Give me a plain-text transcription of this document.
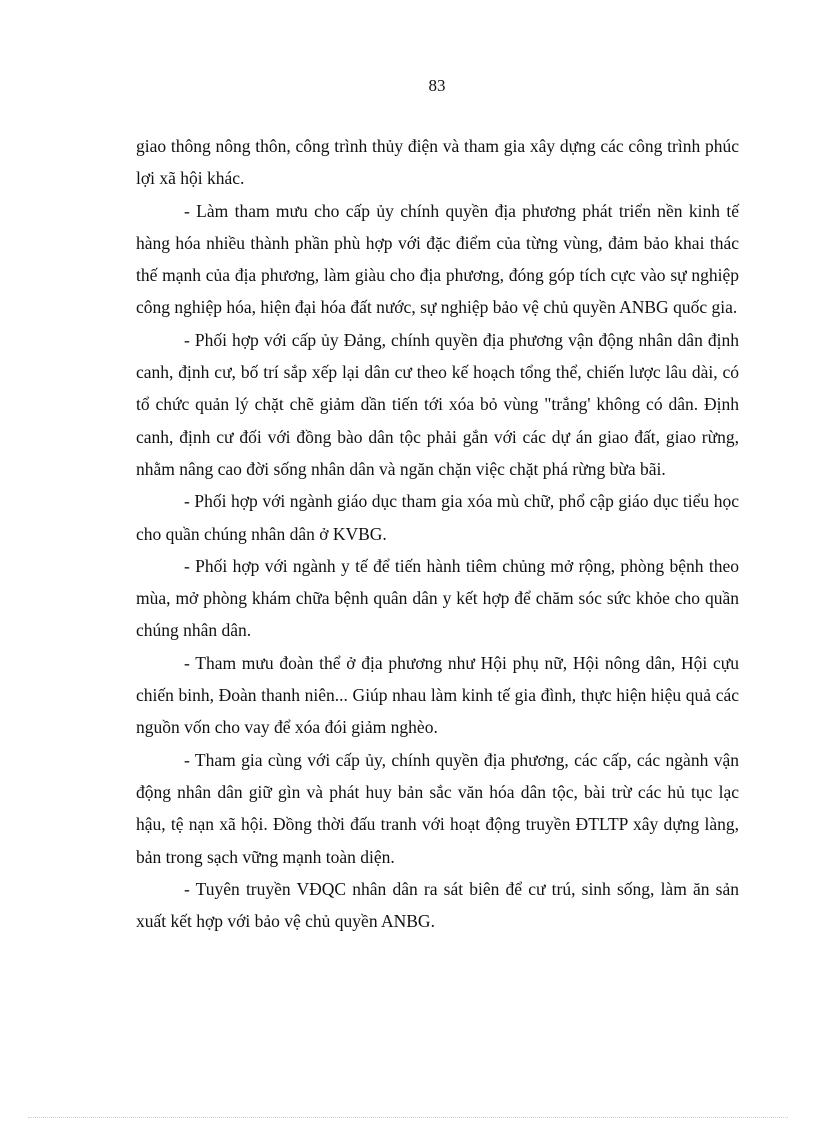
83

giao thông nông thôn, công trình thủy điện và tham gia xây dựng các công trình phúc lợi xã hội khác.

- Làm tham mưu cho cấp ủy chính quyền địa phương phát triển nền kinh tế hàng hóa nhiều thành phần phù hợp với đặc điểm của từng vùng, đảm bảo khai thác thế mạnh của địa phương, làm giàu cho địa phương, đóng góp tích cực vào sự nghiệp công nghiệp hóa, hiện đại hóa đất nước, sự nghiệp bảo vệ chủ quyền ANBG quốc gia.

- Phối hợp với cấp ủy Đảng, chính quyền địa phương vận động nhân dân định canh, định cư, bố trí sắp xếp lại dân cư theo kế hoạch tổng thể, chiến lược lâu dài, có tổ chức quản lý chặt chẽ giảm dần tiến tới xóa bỏ vùng "trắng' không có dân. Định canh, định cư đối với đồng bào dân tộc phải gắn với các dự án giao đất, giao rừng, nhằm nâng cao đời sống nhân dân và ngăn chặn việc chặt phá rừng bừa bãi.

- Phối hợp với ngành giáo dục tham gia xóa mù chữ, phổ cập giáo dục tiểu học cho quần chúng nhân dân ở KVBG.

- Phối hợp với ngành y tế để tiến hành tiêm chủng mở rộng, phòng bệnh theo mùa, mở phòng khám chữa bệnh quân dân y kết hợp để chăm sóc sức khỏe cho quần chúng nhân dân.

- Tham mưu đoàn thể ở địa phương như Hội phụ nữ, Hội nông dân, Hội cựu chiến binh, Đoàn thanh niên... Giúp nhau làm kinh tế gia đình, thực hiện hiệu quả các nguồn vốn cho vay để xóa đói giảm nghèo.

- Tham gia cùng với cấp ủy, chính quyền địa phương, các cấp, các ngành vận động nhân dân giữ gìn và phát huy bản sắc văn hóa dân tộc, bài trừ các hủ tục lạc hậu, tệ nạn xã hội. Đồng thời đấu tranh với hoạt động truyền ĐTLTP xây dựng làng, bản trong sạch vững mạnh toàn diện.

- Tuyên truyền VĐQC nhân dân ra sát biên để cư trú, sinh sống, làm ăn sản xuất kết hợp với bảo vệ chủ quyền ANBG.
